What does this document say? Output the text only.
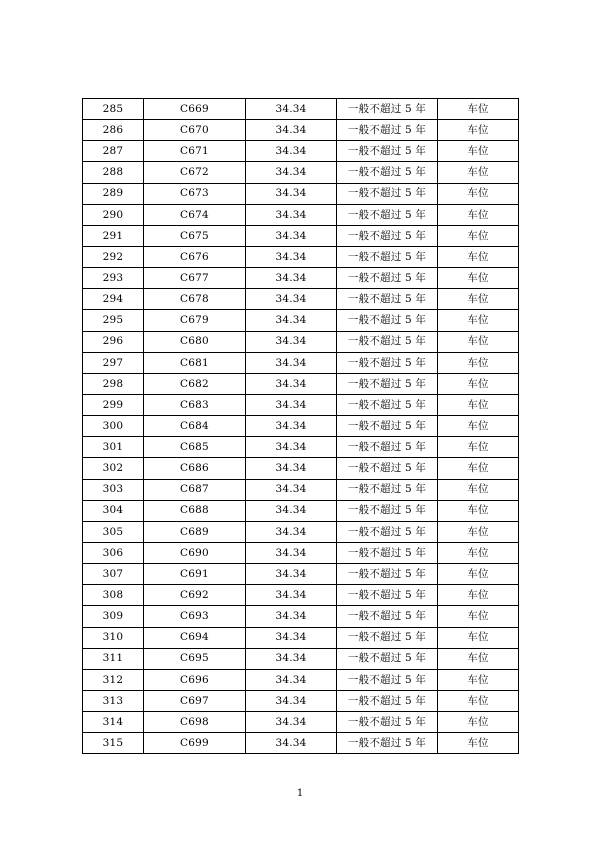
285	C669	34.34	一般不超过 5 年	车位
286	C670	34.34	一般不超过 5 年	车位
287	C671	34.34	一般不超过 5 年	车位
288	C672	34.34	一般不超过 5 年	车位
289	C673	34.34	一般不超过 5 年	车位
290	C674	34.34	一般不超过 5 年	车位
291	C675	34.34	一般不超过 5 年	车位
292	C676	34.34	一般不超过 5 年	车位
293	C677	34.34	一般不超过 5 年	车位
294	C678	34.34	一般不超过 5 年	车位
295	C679	34.34	一般不超过 5 年	车位
296	C680	34.34	一般不超过 5 年	车位
297	C681	34.34	一般不超过 5 年	车位
298	C682	34.34	一般不超过 5 年	车位
299	C683	34.34	一般不超过 5 年	车位
300	C684	34.34	一般不超过 5 年	车位
301	C685	34.34	一般不超过 5 年	车位
302	C686	34.34	一般不超过 5 年	车位
303	C687	34.34	一般不超过 5 年	车位
304	C688	34.34	一般不超过 5 年	车位
305	C689	34.34	一般不超过 5 年	车位
306	C690	34.34	一般不超过 5 年	车位
307	C691	34.34	一般不超过 5 年	车位
308	C692	34.34	一般不超过 5 年	车位
309	C693	34.34	一般不超过 5 年	车位
310	C694	34.34	一般不超过 5 年	车位
311	C695	34.34	一般不超过 5 年	车位
312	C696	34.34	一般不超过 5 年	车位
313	C697	34.34	一般不超过 5 年	车位
314	C698	34.34	一般不超过 5 年	车位
315	C699	34.34	一般不超过 5 年	车位
1
